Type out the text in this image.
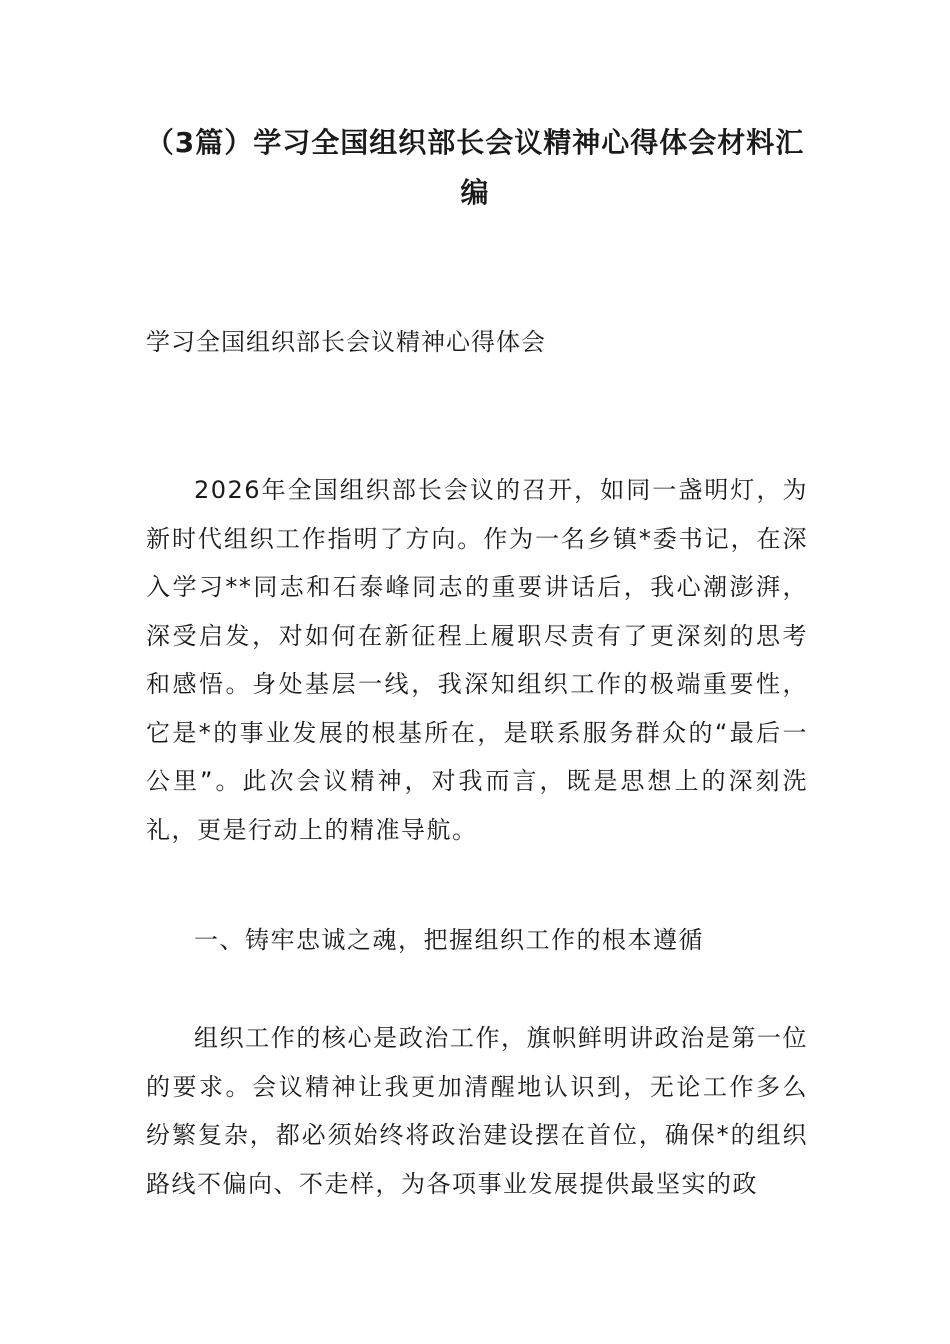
（3篇）学习全国组织部长会议精神心得体会材料汇编

学习全国组织部长会议精神心得体会

2026年全国组织部长会议的召开，如同一盏明灯，为新时代组织工作指明了方向。作为一名乡镇*委书记，在深入学习**同志和石泰峰同志的重要讲话后，我心潮澎湃，深受启发，对如何在新征程上履职尽责有了更深刻的思考和感悟。身处基层一线，我深知组织工作的极端重要性，它是*的事业发展的根基所在，是联系服务群众的“最后一公里”。此次会议精神，对我而言，既是思想上的深刻洗礼，更是行动上的精准导航。

一、铸牢忠诚之魂，把握组织工作的根本遵循

组织工作的核心是政治工作，旗帜鲜明讲政治是第一位的要求。会议精神让我更加清醒地认识到，无论工作多么纷繁复杂，都必须始终将政治建设摆在首位，确保*的组织路线不偏向、不走样，为各项事业发展提供最坚实的政
